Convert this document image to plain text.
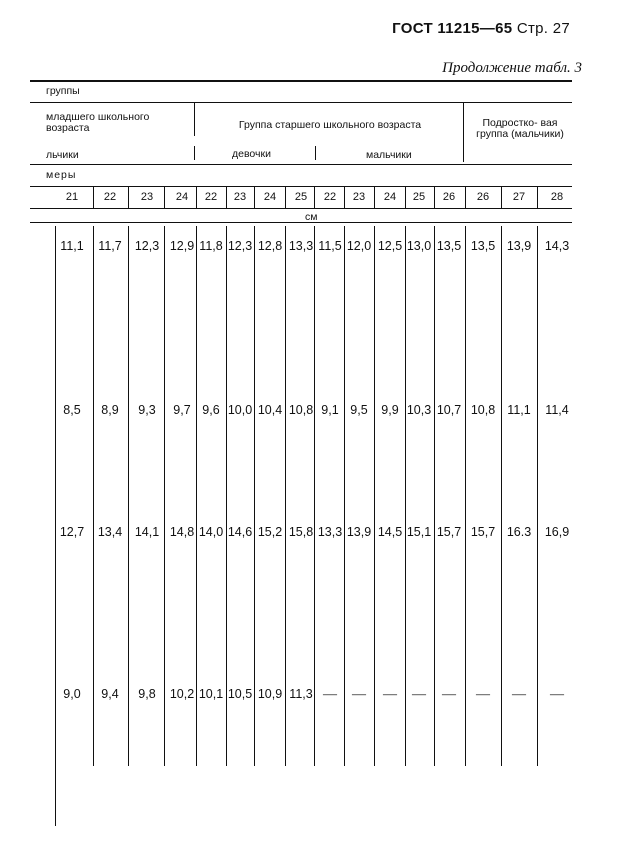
ГОСТ 11215—65 Стр. 27
Продолжение табл. 3
группы
младшего школьного возраста	Группа старшего школьного возраста	Подростко- вая группа (мальчики)
льчики	девочки	мальчики
меры
см
21	22	23	24	22	23	24	25	22	23	24	25	26	26	27	28
11,1	11,7	12,3 12,9 11,8 12,3 12,8 13,3 11,5 12,0 12,5 13,0 13,5 13,5 13,9	14,3
8,5	8,9	9,3	9,7 9,6 10,0 10,4 10,8 9,1 9,5	9,9 10,3 10,7 10,8 11,1	11,4
12,7	13,4	14,1 14,8 14,0 14,6 15,2 15,8 13,3 13,9 14,5 15,1 15,7 15,7 16.3	16,9
9,0	9,4	9,8	10,2 10,1 10,5 10,9 11,3 —	—	—	—	—	—	—	—
